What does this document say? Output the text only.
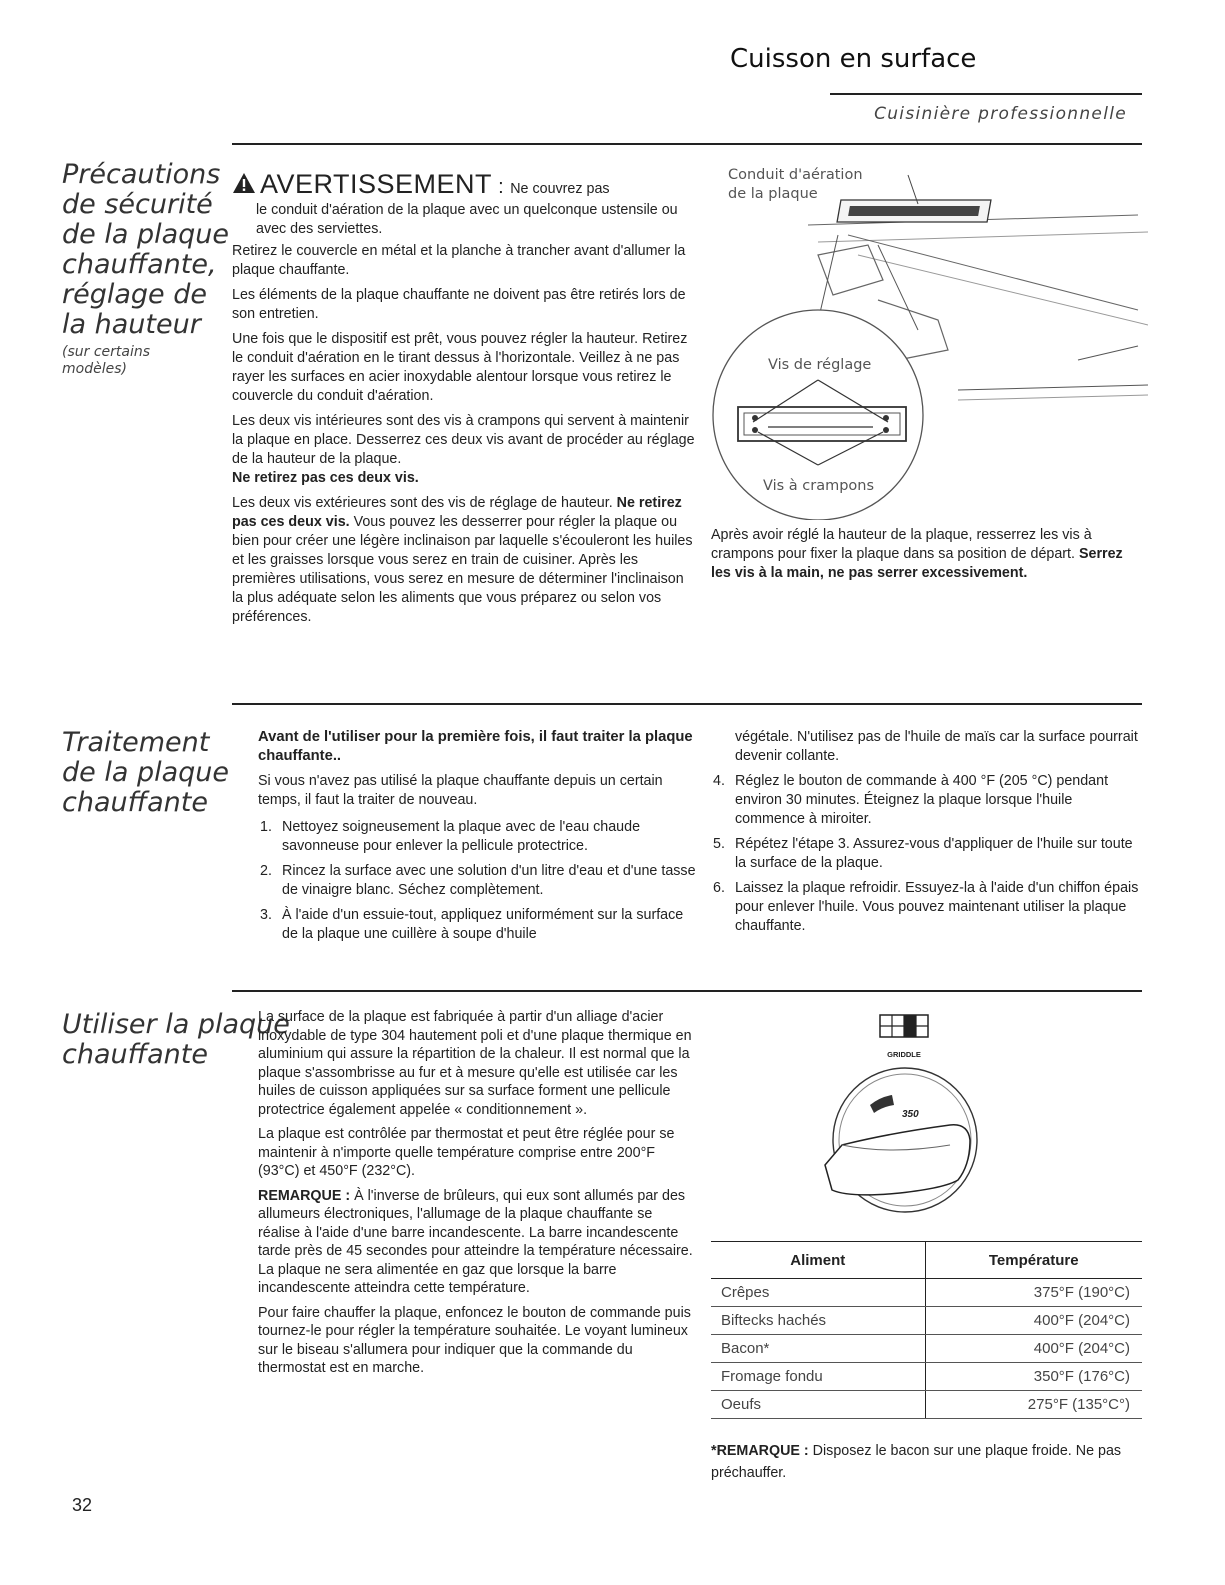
Cuisson en surface
Cuisinière professionnelle
Précautions
de sécurité
de la plaque
chauffante,
réglage de
la hauteur
(sur certains
modèles)

AVERTISSEMENT : Ne couvrez pas

le conduit d'aération de la plaque avec un quelconque ustensile ou avec des serviettes.

Retirez le couvercle en métal et la planche à trancher avant d'allumer la plaque chauffante.

Les éléments de la plaque chauffante ne doivent pas être retirés lors de son entretien.

Une fois que le dispositif est prêt, vous pouvez régler la hauteur. Retirez le conduit d'aération en le tirant dessus à l'horizontale. Veillez à ne pas rayer les surfaces en acier inoxydable alentour lorsque vous retirez le couvercle du conduit d'aération.

Les deux vis intérieures sont des vis à crampons qui servent à maintenir la plaque en place. Desserrez ces deux vis avant de procéder au réglage de la hauteur de la plaque.
Ne retirez pas ces deux vis.

Les deux vis extérieures sont des vis de réglage de hauteur. Ne retirez pas ces deux vis. Vous pouvez les desserrer pour régler la plaque ou bien pour créer une légère inclinaison par laquelle s'écouleront les huiles et les graisses lorsque vous serez en train de cuisiner. Après les premières utilisations, vous serez en mesure de déterminer l'inclinaison la plus adéquate selon les aliments que vous préparez ou selon vos préférences.

Conduit d'aération
de la plaque
Vis de réglage
Vis à crampons

Après avoir réglé la hauteur de la plaque, resserrez les vis à crampons pour fixer la plaque dans sa position de départ. Serrez les vis à la main, ne pas serrer excessivement.

Traitement
de la plaque
chauffante

Avant de l'utiliser pour la première fois, il faut traiter la plaque chauffante..

Si vous n'avez pas utilisé la plaque chauffante depuis un certain temps, il faut la traiter de nouveau.

1. Nettoyez soigneusement la plaque avec de l'eau chaude savonneuse pour enlever la pellicule protectrice.
2. Rincez la surface avec une solution d'un litre d'eau et d'une tasse de vinaigre blanc. Séchez complètement.
3. À l'aide d'un essuie-tout, appliquez uniformément sur la surface de la plaque une cuillère à soupe d'huile

végétale. N'utilisez pas de l'huile de maïs car la surface pourrait devenir collante.

4. Réglez le bouton de commande à 400 °F (205 °C) pendant environ 30 minutes. Éteignez la plaque lorsque l'huile commence à miroiter.
5. Répétez l'étape 3. Assurez-vous d'appliquer de l'huile sur toute la surface de la plaque.
6. Laissez la plaque refroidir. Essuyez-la à l'aide d'un chiffon épais pour enlever l'huile. Vous pouvez maintenant utiliser la plaque chauffante.
Utiliser la plaque
chauffante

La surface de la plaque est fabriquée à partir d'un alliage d'acier inoxydable de type 304 hautement poli et d'une plaque thermique en aluminium qui assure la répartition de la chaleur. Il est normal que la plaque s'assombrisse au fur et à mesure qu'elle est utilisée car les huiles de cuisson appliquées sur sa surface forment une pellicule protectrice également appelée « conditionnement ».

La plaque est contrôlée par thermostat et peut être réglée pour se maintenir à n'importe quelle température comprise entre 200°F (93°C) et 450°F (232°C).

REMARQUE : À l'inverse de brûleurs, qui eux sont allumés par des allumeurs électroniques, l'allumage de la plaque chauffante se réalise à l'aide d'une barre incandescente. La barre incandescente tarde près de 45 secondes pour atteindre la température nécessaire. La plaque ne sera alimentée en gaz que lorsque la barre incandescente atteindra cette température.

Pour faire chauffer la plaque, enfoncez le bouton de commande puis tournez-le pour régler la température souhaitée. Le voyant lumineux sur le biseau s'allumera pour indiquer que la commande du thermostat est en marche.

GRIDDLE
350
Aliment	Température
Crêpes	375°F (190°C)
Biftecks hachés	400°F (204°C)
Bacon*	400°F (204°C)
Fromage fondu	350°F (176°C)
Oeufs	275°F (135°C°)
*REMARQUE : Disposez le bacon sur une plaque froide. Ne pas préchauffer.
32
